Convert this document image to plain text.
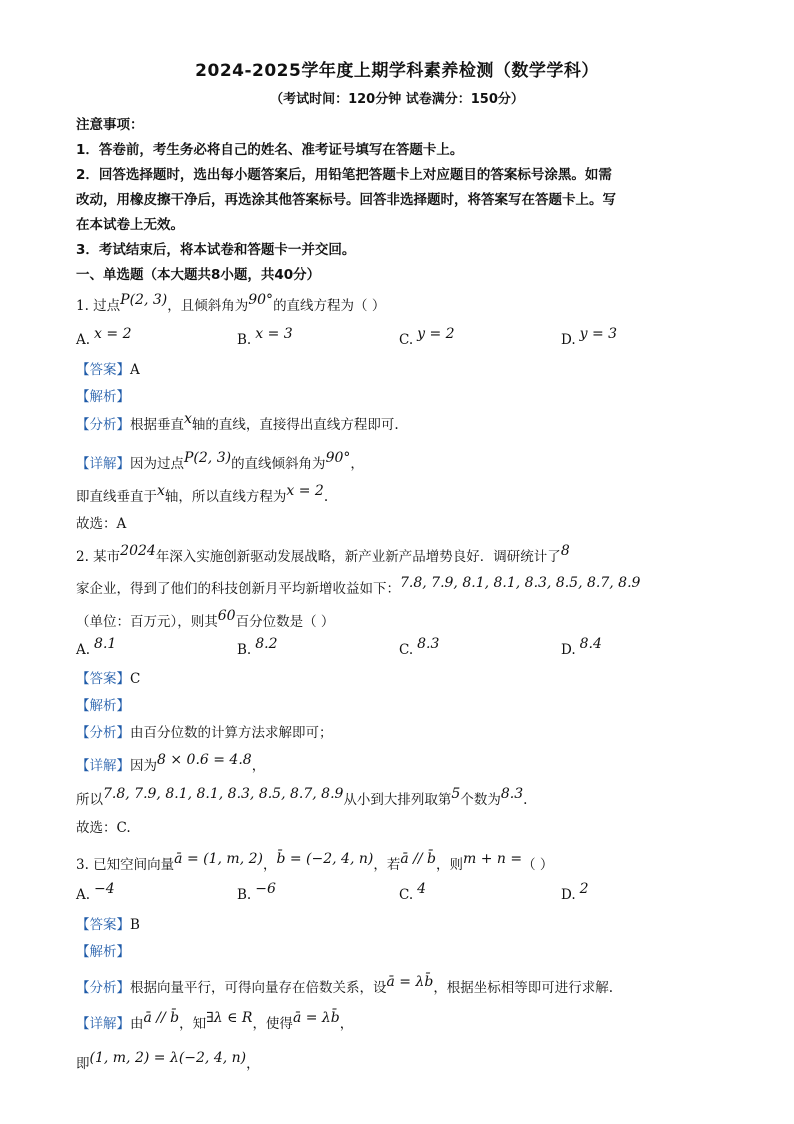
2024-2025学年度上期学科素养检测（数学学科）
（考试时间：120分钟 试卷满分：150分）
注意事项：
1．答卷前，考生务必将自己的姓名、准考证号填写在答题卡上。
2．回答选择题时，选出每小题答案后，用铅笔把答题卡上对应题目的答案标号涂黑。如需
改动，用橡皮擦干净后，再选涂其他答案标号。回答非选择题时，将答案写在答题卡上。写
在本试卷上无效。
3．考试结束后，将本试卷和答题卡一并交回。
一、单选题（本大题共8小题，共40分）
1. 过点P(2, 3)，且倾斜角为90°的直线方程为（ ）
A. x = 2	B. x = 3	C. y = 2	D. y = 3
【答案】A
【解析】
【分析】根据垂直x轴的直线，直接得出直线方程即可.
【详解】因为过点P(2, 3)的直线倾斜角为90°，
即直线垂直于x轴，所以直线方程为x = 2.
故选：A
2. 某市2024年深入实施创新驱动发展战略，新产业新产品增势良好．调研统计了8
家企业，得到了他们的科技创新月平均新增收益如下：7.8, 7.9, 8.1, 8.1, 8.3, 8.5, 8.7, 8.9
（单位：百万元），则其60百分位数是（ ）
A. 8.1	B. 8.2	C. 8.3	D. 8.4
【答案】C
【解析】
【分析】由百分位数的计算方法求解即可；
【详解】因为8 × 0.6 = 4.8，
所以7.8, 7.9, 8.1, 8.1, 8.3, 8.5, 8.7, 8.9从小到大排列取第5个数为8.3.
故选：C.
3. 已知空间向量ā = (1, m, 2)，b̄ = (−2, 4, n)，若ā // b̄，则m + n =（ ）
A. −4	B. −6	C. 4	D. 2
【答案】B
【解析】
【分析】根据向量平行，可得向量存在倍数关系，设ā = λb̄，根据坐标相等即可进行求解.
【详解】由ā // b̄，知∃λ ∈ R，使得ā = λb̄，
即(1, m, 2) = λ(−2, 4, n)，
